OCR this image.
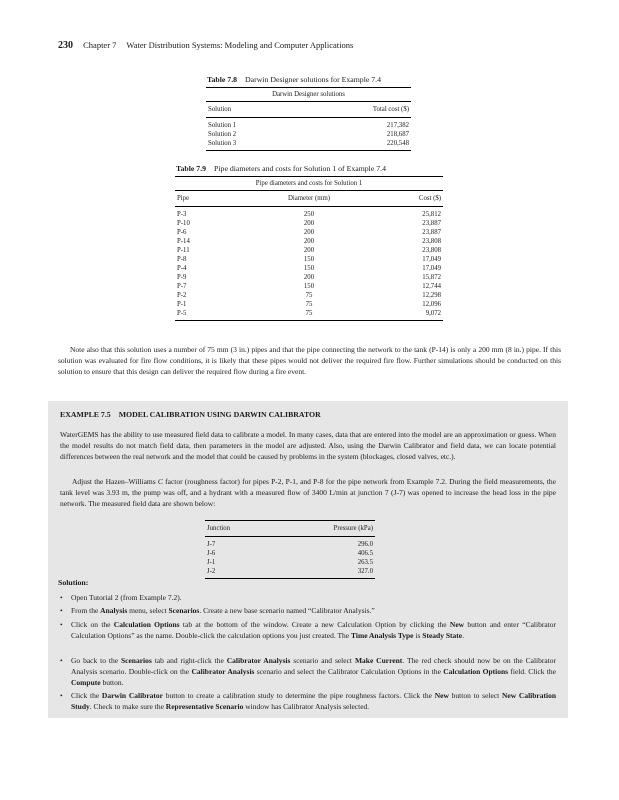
230 Chapter 7 Water Distribution Systems: Modeling and Computer Applications
Table 7.8 Darwin Designer solutions for Example 7.4
Darwin Designer solutions	
Solution	Total cost ($)
Solution 1	217,382
Solution 2	218,687
Solution 3	220,548
Table 7.9 Pipe diameters and costs for Solution 1 of Example 7.4
Pipe diameters and costs for Solution 1		
Pipe	Diameter (mm)	Cost ($)
P-3	250	25,812
P-10	200	23,887
P-6	200	23,887
P-14	200	23,808
P-11	200	23,808
P-8	150	17,049
P-4	150	17,049
P-9	200	15,872
P-7	150	12,744
P-2	75	12,298
P-1	75	12,096
P-5	75	9,072
Note also that this solution uses a number of 75 mm (3 in.) pipes and that the pipe connecting the network to the tank (P-14) is only a 200 mm (8 in.) pipe. If this solution was evaluated for fire flow conditions, it is likely that these pipes would not deliver the required fire flow. Further simulations should be conducted on this solution to ensure that this design can deliver the required flow during a fire event.
EXAMPLE 7.5 MODEL CALIBRATION USING DARWIN CALIBRATOR
WaterGEMS has the ability to use measured field data to calibrate a model. In many cases, data that are entered into the model are an approximation or guess. When the model results do not match field data, then parameters in the model are adjusted. Also, using the Darwin Calibrator and field data, we can locate potential differences between the real network and the model that could be caused by problems in the system (blockages, closed valves, etc.).
Adjust the Hazen–Williams C factor (roughness factor) for pipes P-2, P-1, and P-8 for the pipe network from Example 7.2. During the field measurements, the tank level was 3.93 m, the pump was off, and a hydrant with a measured flow of 3400 L/min at junction 7 (J-7) was opened to increase the head loss in the pipe network. The measured field data are shown below:
Junction	Pressure (kPa)
J-7	296.0
J-6	406.5
J-1	263.5
J-2	327.0
Solution:
• Open Tutorial 2 (from Example 7.2).
• From the Analysis menu, select Scenarios. Create a new base scenario named “Calibrator Analysis.”
• Click on the Calculation Options tab at the bottom of the window. Create a new Calculation Option by clicking the New button and enter “Calibrator Calculation Options” as the name. Double-click the calculation options you just created. The Time Analysis Type is Steady State.
• Go back to the Scenarios tab and right-click the Calibrator Analysis scenario and select Make Current. The red check should now be on the Calibrator Analysis scenario. Double-click on the Calibrator Analysis scenario and select the Calibrator Calculation Options in the Calculation Options field. Click the Compute button.
• Click the Darwin Calibrator button to create a calibration study to determine the pipe roughness factors. Click the New button to select New Calibration Study. Check to make sure the Representative Scenario window has Calibrator Analysis selected.
